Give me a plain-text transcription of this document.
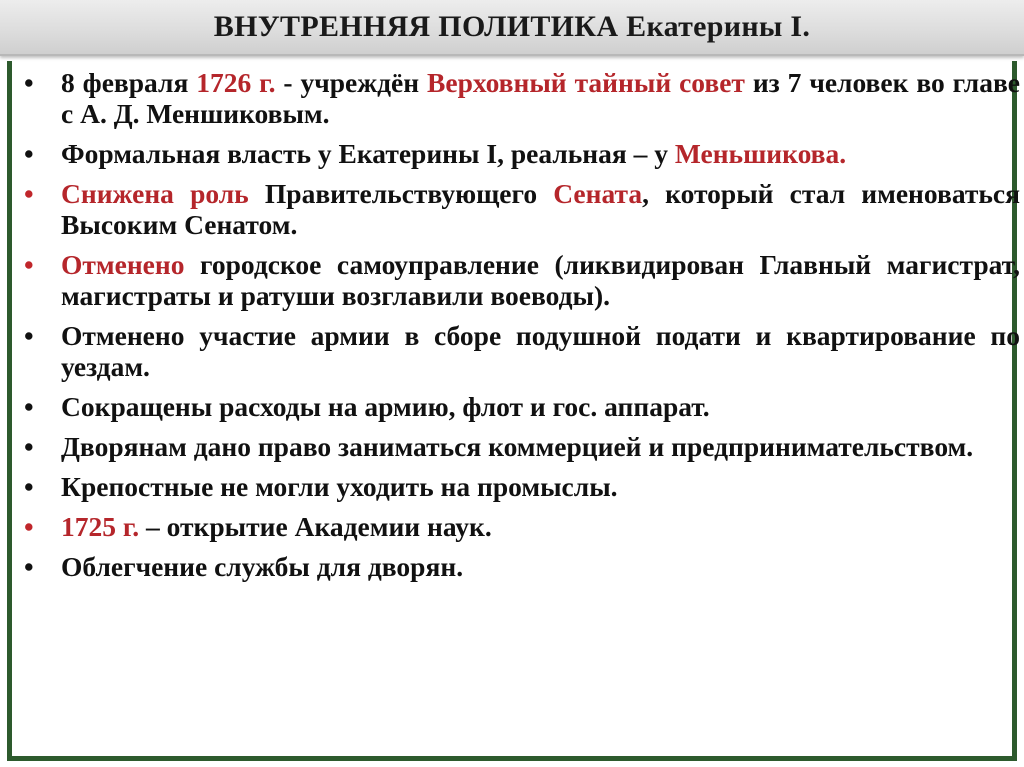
ВНУТРЕННЯЯ ПОЛИТИКА Екатерины I.
• 8 февраля 1726 г. - учреждён Верховный тайный совет из 7 человек во главе с А. Д. Меншиковым.
• Формальная власть у Екатерины I, реальная – у Меньшикова.
• Снижена роль Правительствующего Сената, который стал именоваться Высоким Сенатом.
• Отменено городское самоуправление (ликвидирован Главный магистрат, магистраты и ратуши возглавили воеводы).
• Отменено участие армии в сборе подушной подати и квартирование по уездам.
• Сокращены расходы на армию, флот и гос. аппарат.
• Дворянам дано право заниматься коммерцией и предпринимательством.
• Крепостные не могли уходить на промыслы.
• 1725 г. – открытие Академии наук.
• Облегчение службы для дворян.
